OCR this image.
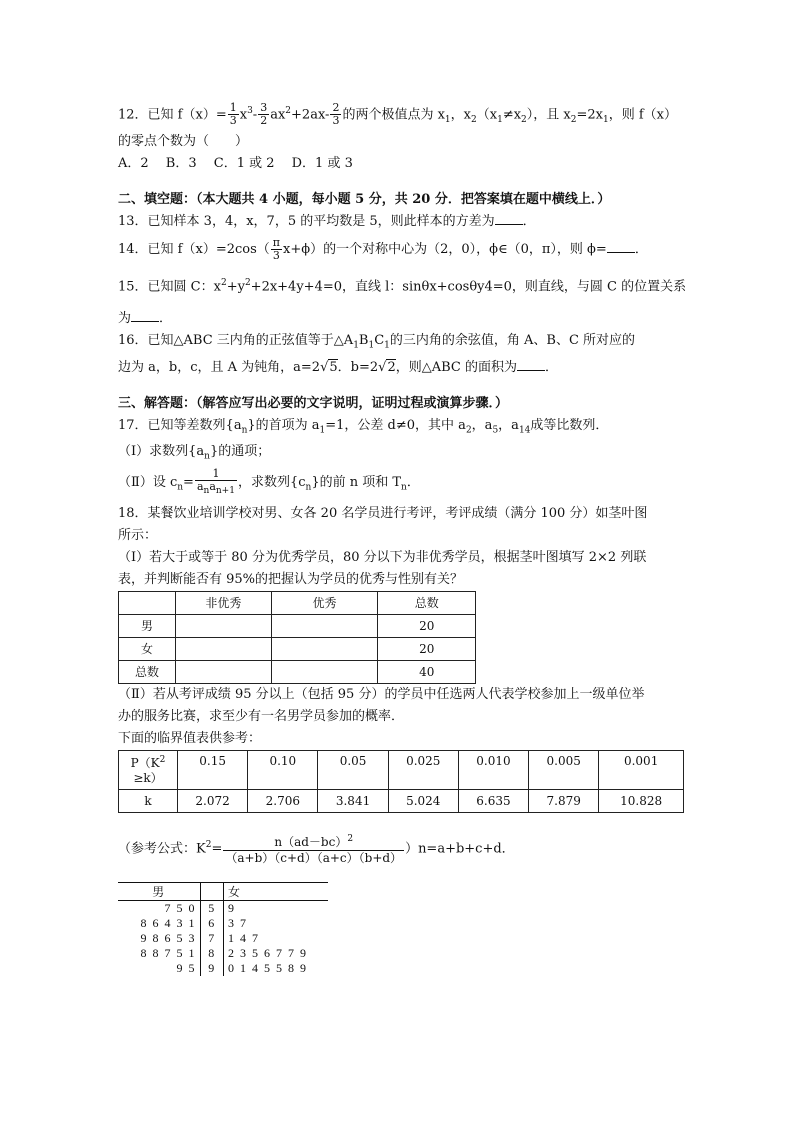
12．已知 $f(x)= \frac{1}{3} x^3- \frac{3}{2} ax^2+2ax- \frac{2}{3}$ 的两个极值点为 $x_1$，$x_2(x_1\ne x_2)$，且 $x_2=2x_1$，则 f（x）
的零点个数为（　　）
A．2　 B．3　 C．1 或 2　 D．1 或 3
二、填空题：（本大题共 4 小题，每小题 5 分，共 20 分．把答案填在题中横线上．）
13．已知样本 3，4，x，7，5 的平均数是 5，则此样本的方差为 ．
14．已知 $f(x)=2\cos( \frac{\pi}{3} x+\phi)$的一个对称中心为（2，0），ϕ∈（0，π），则 ϕ= ．
15．已知圆 C：$x^2+y^2+2x+4y+4=0$，直线 l：sinθx+cosθy4=0，则直线，与圆 C 的位置关系
为 ．
16．已知△ABC 三内角的正弦值等于$\triangle A_1B_1C_1$的三内角的余弦值，角 A、B、C 所对应的
边为 a，b，c，且 A 为钝角，a=2√5．b=2√2，则△ABC 的面积为 ．
三、解答题：（解答应写出必要的文字说明，证明过程或演算步骤．）
17．已知等差数列$\{a_n\}$的首项为 $a_1=1$，公差 d≠0，其中 $a_2$，$a_5$，$a_{14}$成等比数列．
（I）求数列$\{a_n\}$的通项；
（Ⅱ）设 $c_n= \frac{1}{a_na_{n+1}}$ ，求数列$\{c_n\}$的前 n 项和 $T_n$．
18．某餐饮业培训学校对男、女各 20 名学员进行考评，考评成绩（满分 100 分）如茎叶图
所示：
（I）若大于或等于 80 分为优秀学员，80 分以下为非优秀学员，根据茎叶图填写 2×2 列联
表，并判断能否有 95%的把握认为学员的优秀与性别有关？
	非优秀	优秀	总数
男			20
女			20
总数			40
（Ⅱ）若从考评成绩 95 分以上（包括 95 分）的学员中任选两人代表学校参加上一级单位举
办的服务比赛，求至少有一名男学员参加的概率．
下面的临界值表供参考：
$P(K^2$
≥k）	0.15	0.10	0.05	0.025	0.010	0.005	0.001
k	2.072	2.706	3.841	5.024	6.635	7.879	10.828
（参考公式：$K^2= \frac{n(ad-bc)^2}{(a+b)(c+d)(a+c)(b+d)} )n=a+b+c+d$．
男		女
7 5 0	5	9
8 6 4 3 1	6	3 7
9 8 6 5 3	7	1 4 7
8 8 7 5 1	8	2 3 5 6 7 7 9
9 5	9	0 1 4 5 5 8 9
